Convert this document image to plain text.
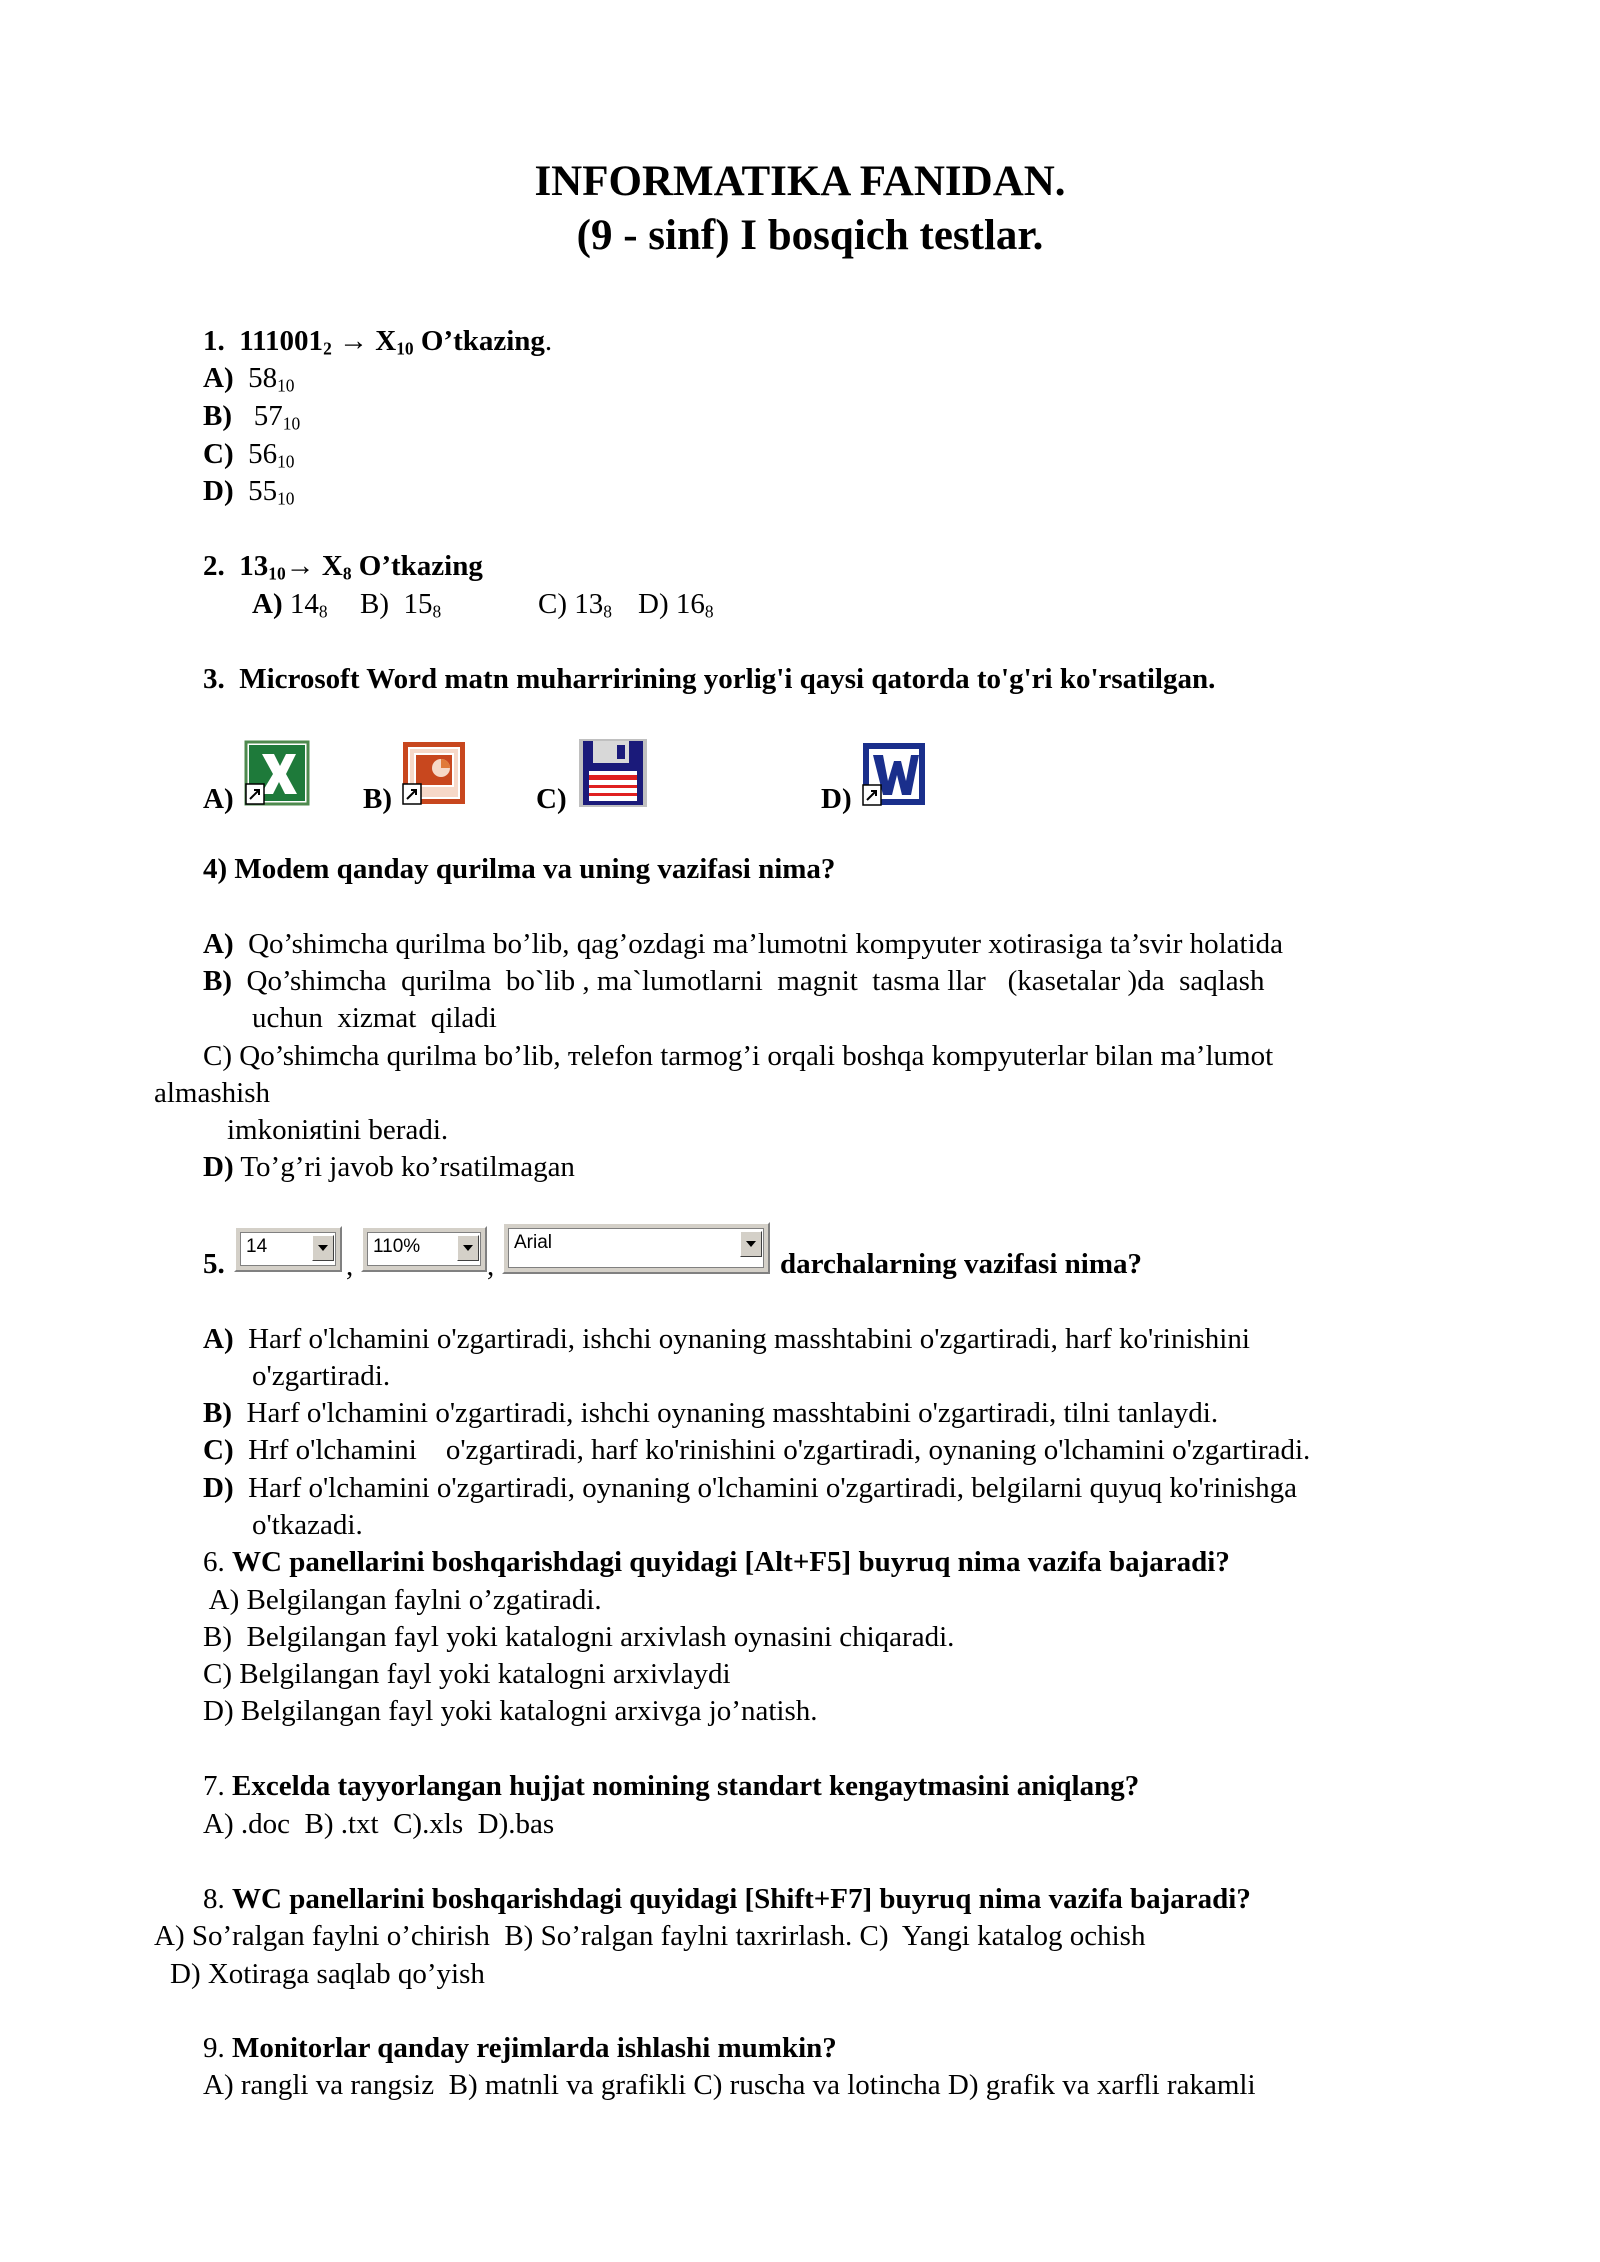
INFORMATIKA FANIDAN.
(9 - sinf) I bosqich testlar.
1. $111001_2 \to X_{10}$ O’tkazing.
A) $58_{10}$
B)   $57_{10}$
C) $56_{10}$
D) $55_{10}$
2. $13_{10}\to X_8$ O’tkazing
A) $14_8$ B) $15_8$	C) $13_8$ D) $16_8$
3. Microsoft Word matn muharririning yorlig'i qaysi qatorda to'g'ri ko'rsatilgan.
A)	B)	C)	D)
4) Modem qanday qurilma va uning vazifasi nima?
A) Qo’shimcha qurilma bo’lib, qag’ozdagi ma’lumotni kompyuter xotirasiga ta’svir holatida
B) Qo’shimcha  qurilma  bo`lib , ma`lumotlarni  magnit  tasma llar   (kasetalar )da  saqlash
uchun  xizmat  qiladi
C) Qo’shimcha qurilma bo’lib, тelefon tarmog’i orqali boshqa kompyuterlar bilan ma’lumot
almashish
imkoniяtini beradi.
D) To’g’ri javob ko’rsatilmagan
5.
14
,
110%
,
Arial
darchalarning vazifasi nima?
A) Harf o'lchamini o'zgartiradi, ishchi oynaning masshtabini o'zgartiradi, harf ko'rinishini
o'zgartiradi.
B) Harf o'lchamini o'zgartiradi, ishchi oynaning masshtabini o'zgartiradi, tilni tanlaydi.
C) Hrf o'lchamini    o'zgartiradi, harf ko'rinishini o'zgartiradi, oynaning o'lchamini o'zgartiradi.
D) Harf o'lchamini o'zgartiradi, oynaning o'lchamini o'zgartiradi, belgilarni quyuq ko'rinishga
o'tkazadi.
6. WC panellarini boshqarishdagi quyidagi [Alt+F5] buyruq nima vazifa bajaradi?
A) Belgilangan faylni o’zgatiradi.
B)  Belgilangan fayl yoki katalogni arxivlash oynasini chiqaradi.
C) Belgilangan fayl yoki katalogni arxivlaydi
D) Belgilangan fayl yoki katalogni arxivga jo’natish.
7. Excelda tayyorlangan hujjat nomining standart kengaytmasini aniqlang?
A) .doc  B) .txt  C).xls  D).bas
8. WC panellarini boshqarishdagi quyidagi [Shift+F7] buyruq nima vazifa bajaradi?
A) So’ralgan faylni o’chirish  B) So’ralgan faylni taxrirlash. C)  Yangi katalog ochish
D) Xotiraga saqlab qo’yish
9. Monitorlar qanday rejimlarda ishlashi mumkin?
A) rangli va rangsiz  B) matnli va grafikli C) ruscha va lotincha D) grafik va xarfli rakamli
